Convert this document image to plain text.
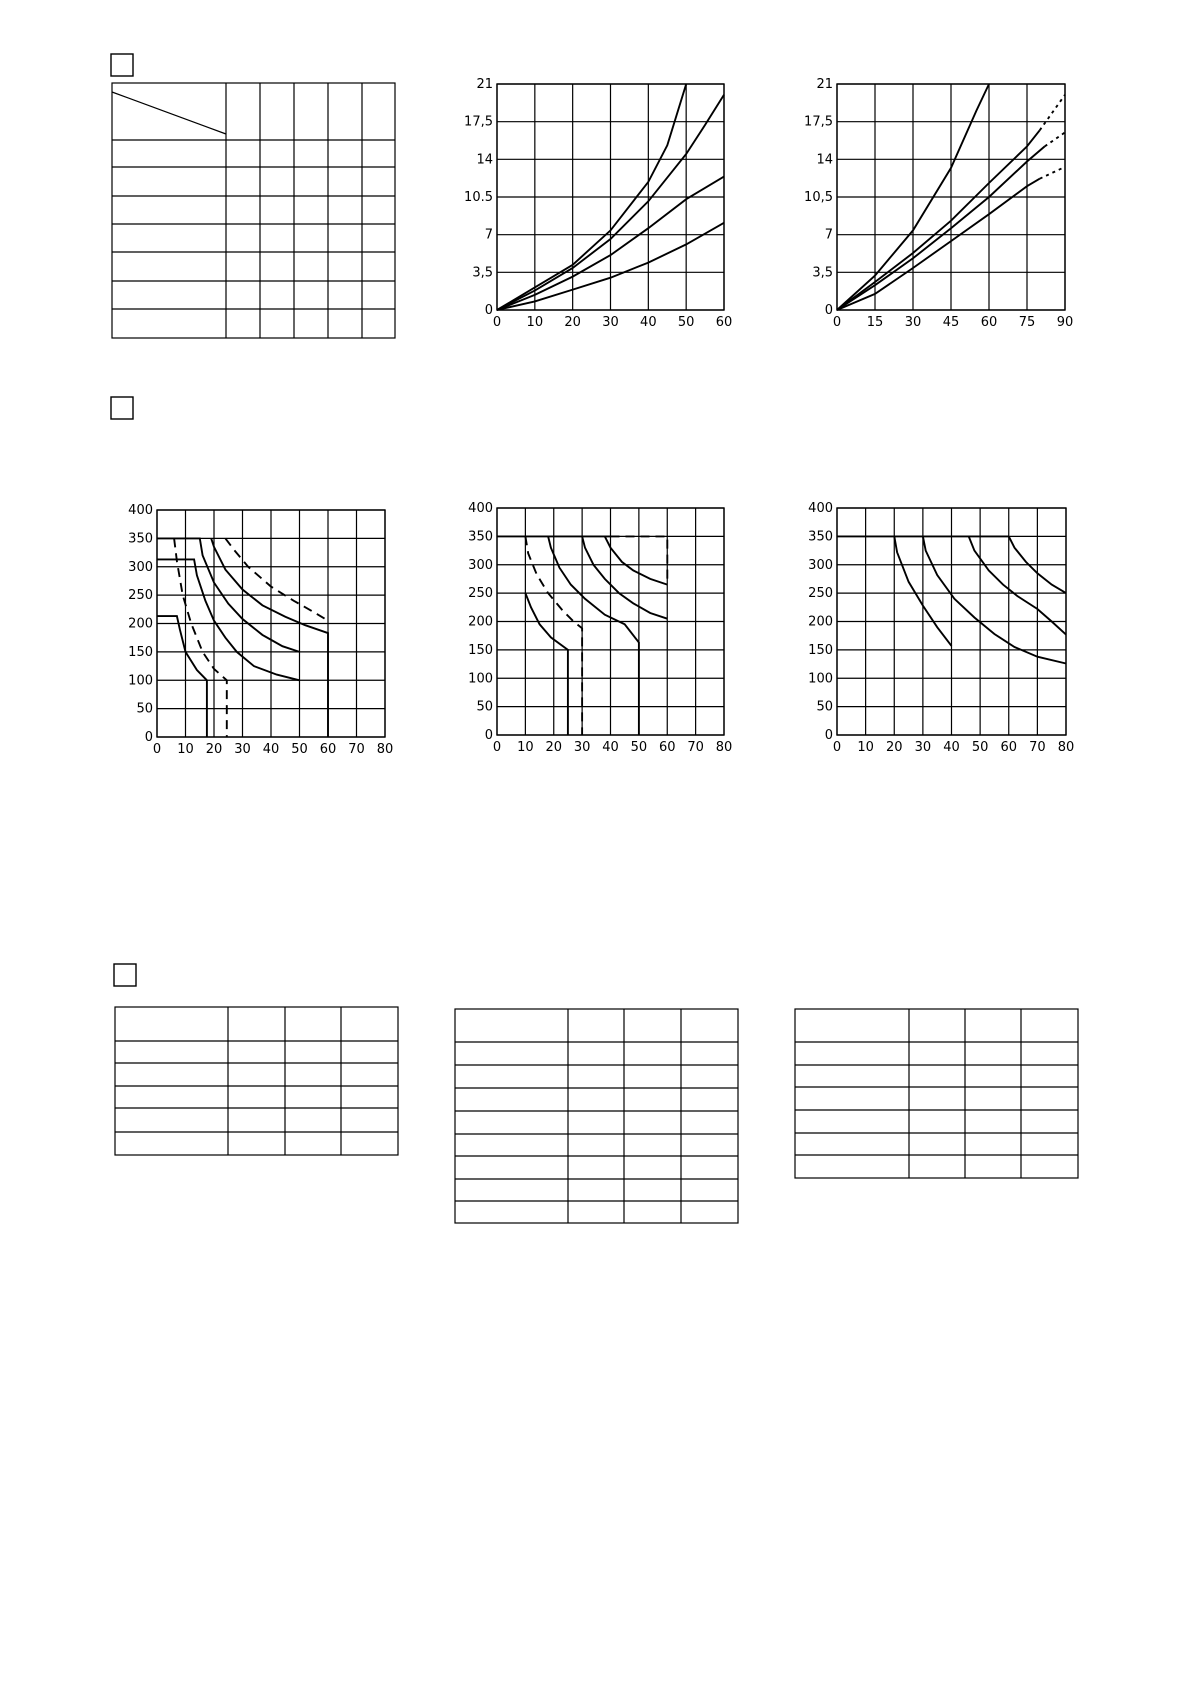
0 10 20 30 40 50 60
0
3,5
7
10.5
14
17,5
21
0 15 30 45 60 75 90
0
3,5
7
10,5
14
17,5
21
0 10 20 30 40 50 60 70 80
0
50
100
150
200
250
300
350
400
0 10 20 30 40 50 60 70 80
0
50
100
150
200
250
300
350
400
0 10 20 30 40 50 60 70 80
0
50
100
150
200
250
300
350
400
